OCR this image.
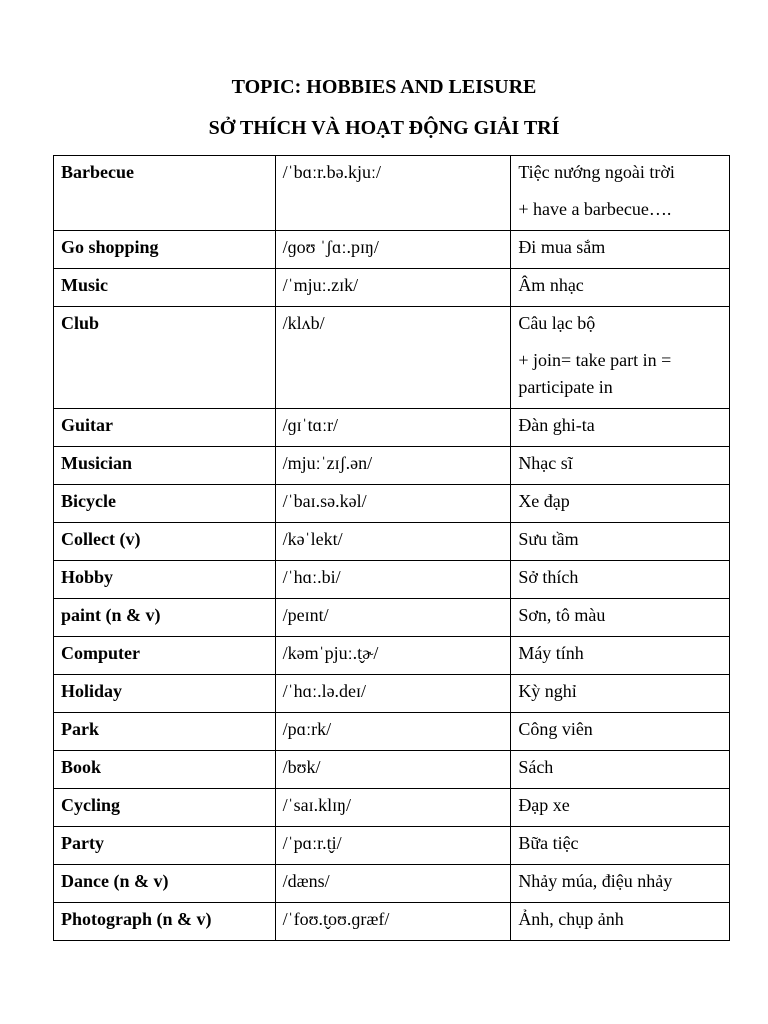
TOPIC: HOBBIES AND LEISURE
SỞ THÍCH VÀ HOẠT ĐỘNG GIẢI TRÍ
Barbecue	/ˈbɑːr.bə.kjuː/	Tiệc nướng ngoài trời
+ have a barbecue….

Go shopping	/ɡoʊ ˈʃɑː.pɪŋ/	Đi mua sắm
Music	/ˈmjuː.zɪk/	Âm nhạc
Club	/klʌb/	Câu lạc bộ
+ join= take part in = participate in

Guitar	/ɡɪˈtɑːr/	Đàn ghi-ta
Musician	/mjuːˈzɪʃ.ən/	Nhạc sĩ
Bicycle	/ˈbaɪ.sə.kəl/	Xe đạp
Collect (v)	/kəˈlekt/	Sưu tầm
Hobby	/ˈhɑː.bi/	Sở thích
paint (n & v)	/peɪnt/	Sơn, tô màu
Computer	/kəmˈpjuː.t̬ɚ/	Máy tính
Holiday	/ˈhɑː.lə.deɪ/	Kỳ nghỉ
Park	/pɑːrk/	Công viên
Book	/bʊk/	Sách
Cycling	/ˈsaɪ.klɪŋ/	Đạp xe
Party	/ˈpɑːr.t̬i/	Bữa tiệc
Dance (n & v)	/dæns/	Nhảy múa, điệu nhảy
Photograph (n & v)	/ˈfoʊ.t̬oʊ.ɡræf/	Ảnh, chụp ảnh
